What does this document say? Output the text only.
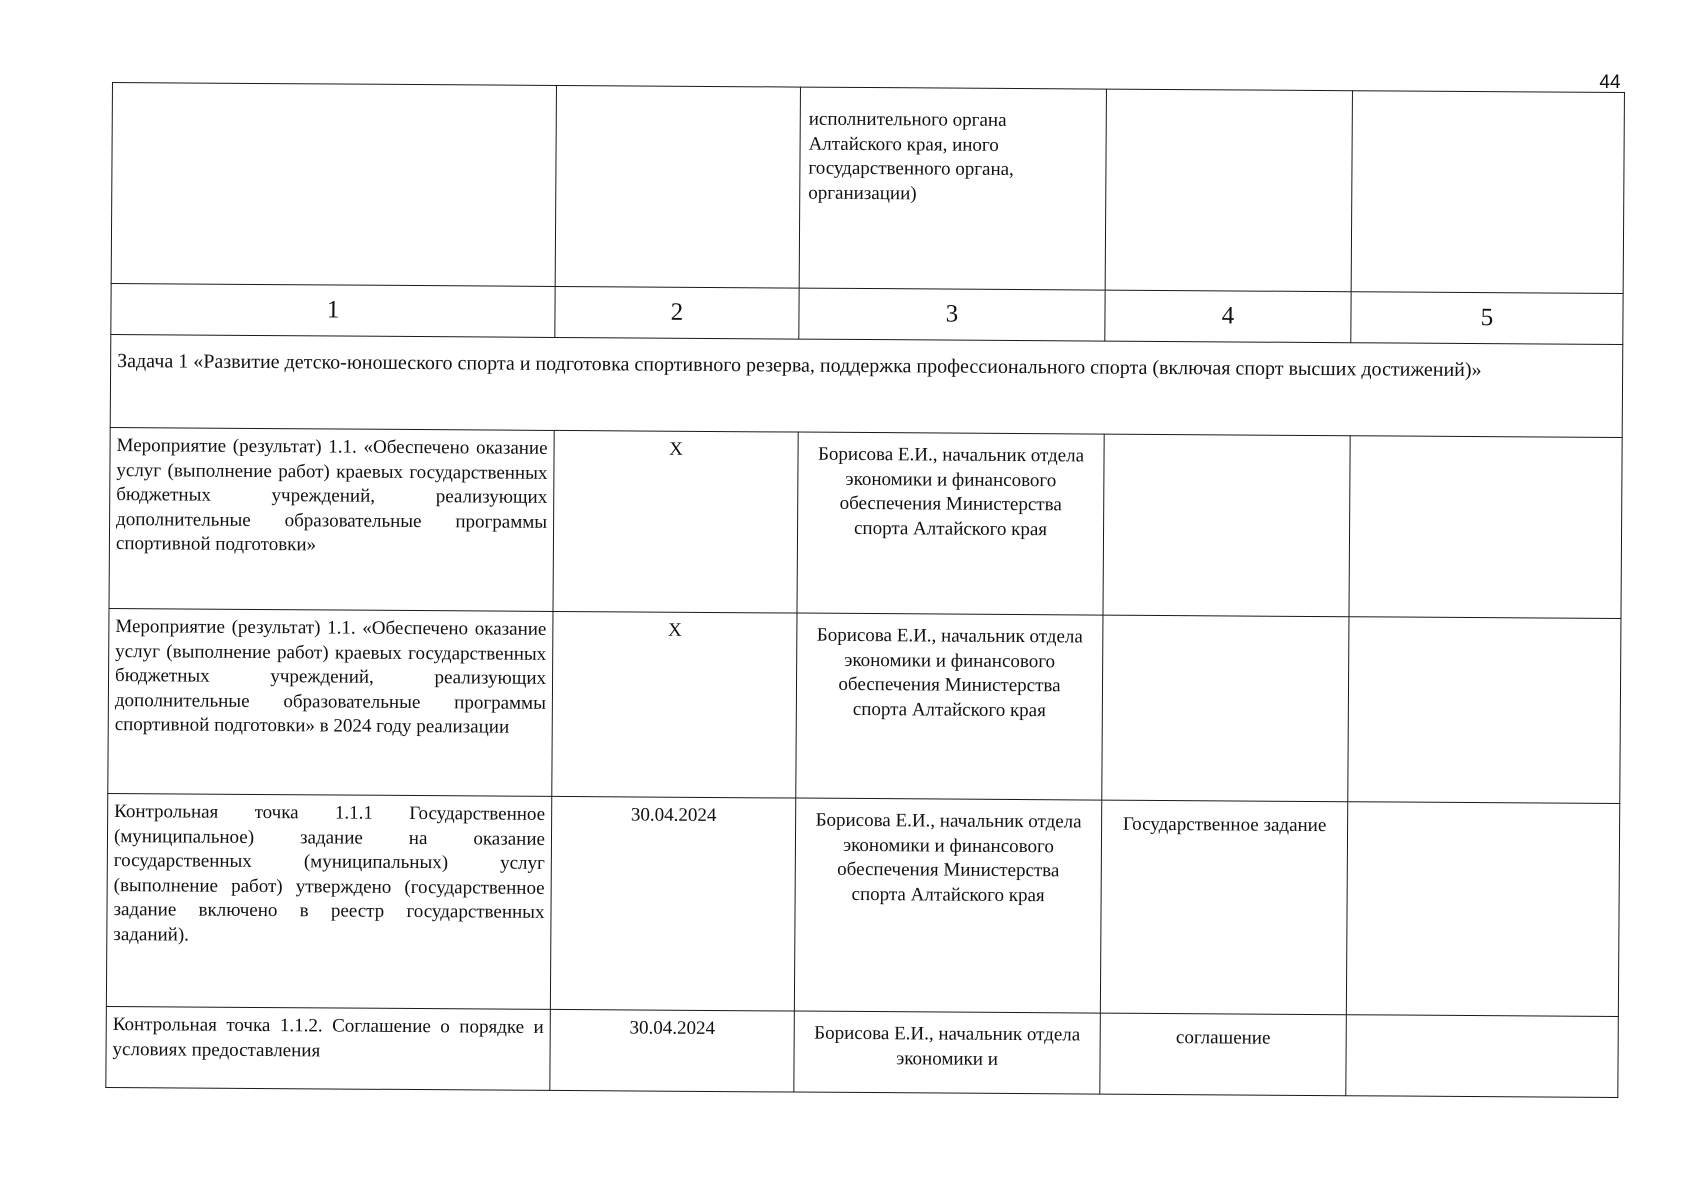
44
		исполнительного органа Алтайского края, иного государственного органа, организации)		
1	2	3	4	5
Задача 1 «Развитие детско-юношеского спорта и подготовка спортивного резерва, поддержка профессионального спорта (включая спорт высших достижений)»				
Мероприятие (результат) 1.1. «Обеспечено оказание услуг (выполнение работ) краевых государственных бюджетных учреждений, реализующих дополнительные образовательные программы спортивной подготовки»	Х	Борисова Е.И., начальник отдела экономики и финансового обеспечения Министерства спорта Алтайского края		
Мероприятие (результат) 1.1. «Обеспечено оказание услуг (выполнение работ) краевых государственных бюджетных учреждений, реализующих дополнительные образовательные программы спортивной подготовки» в 2024 году реализации	Х	Борисова Е.И., начальник отдела экономики и финансового обеспечения Министерства спорта Алтайского края		
Контрольная точка 1.1.1 Государственное (муниципальное) задание на оказание государственных (муниципальных) услуг (выполнение работ) утверждено (государственное задание включено в реестр государственных заданий).	30.04.2024	Борисова Е.И., начальник отдела экономики и финансового обеспечения Министерства спорта Алтайского края	Государственное задание	
Контрольная точка 1.1.2. Соглашение о порядке и условиях предоставления	30.04.2024	Борисова Е.И., начальник отдела экономики и	соглашение	
